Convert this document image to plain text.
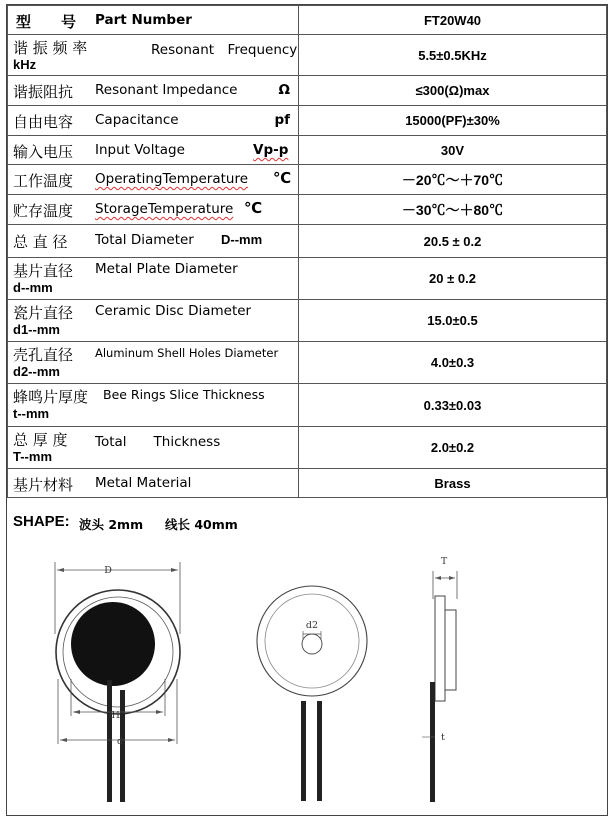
型　　号 Part Number	FT20W40

谐 振 频 率 Resonant　Frequency
kHz	5.5±0.5KHz

谐振阻抗 Resonant Impedance Ω	≤300(Ω)max

自由电容 Capacitance pf	15000(PF)±30%

输入电压 Input Voltage Vp-p	30V

工作温度 OperatingTemperature ℃	－20℃～＋70℃

贮存温度 StorageTemperature ℃	－30℃～＋80℃

总 直 径 Total Diameter D--mm	20.5 ± 0.2

基片直径 Metal Plate Diameter
d--mm	20 ± 0.2

瓷片直径 Ceramic Disc Diameter
d1--mm	15.0±0.5

壳孔直径 Aluminum Shell Holes Diameter
d2--mm	4.0±0.3

蜂鸣片厚度 Bee Rings Slice Thickness
t--mm	0.33±0.03

总 厚 度 Total　　Thickness
T--mm	2.0±0.2

基片材料 Metal Material	Brass
SHAPE: 波头 2mm 线长 40mm
D
d1
d
d2
T
t
